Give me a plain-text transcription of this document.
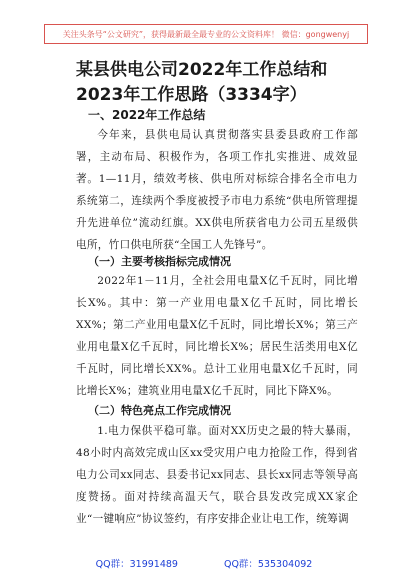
关注头条号“公文研究”，获得最新最全最专业的公文资料库！ 微信：gongwenyj
某县供电公司2022年工作总结和2023年工作思路（3334字）
一、2022年工作总结

今年来，县供电局认真贯彻落实县委县政府工作部署，主动布局、积极作为，各项工作扎实推进、成效显著。1—11月，绩效考核、供电所对标综合排名全市电力系统第二，连续两个季度被授予市电力系统“供电所管理提升先进单位”流动红旗。XX供电所获省电力公司五星级供电所，竹口供电所获“全国工人先锋号”。

（一）主要考核指标完成情况

2022年1－11月，全社会用电量X亿千瓦时，同比增长X%。其中：第一产业用电量X亿千瓦时，同比增长XX%；第二产业用电量X亿千瓦时，同比增长X%；第三产业用电量X亿千瓦时，同比增长X%；居民生活类用电X亿千瓦时，同比增长XX%。总计工业用电量X亿千瓦时，同比增长X%；建筑业用电量X亿千瓦时，同比下降X%。

（二）特色亮点工作完成情况

1.电力保供平稳可靠。面对XX历史之最的特大暴雨，48小时内高效完成山区xx受灾用户电力抢险工作，得到省电力公司xx同志、县委书记xx同志、县长xx同志等领导高度赞扬。面对持续高温天气，联合县发改完成XX家企业“一键响应”协议签约，有序安排企业让电工作，统筹调

QQ群：31991489	QQ群：535304092
